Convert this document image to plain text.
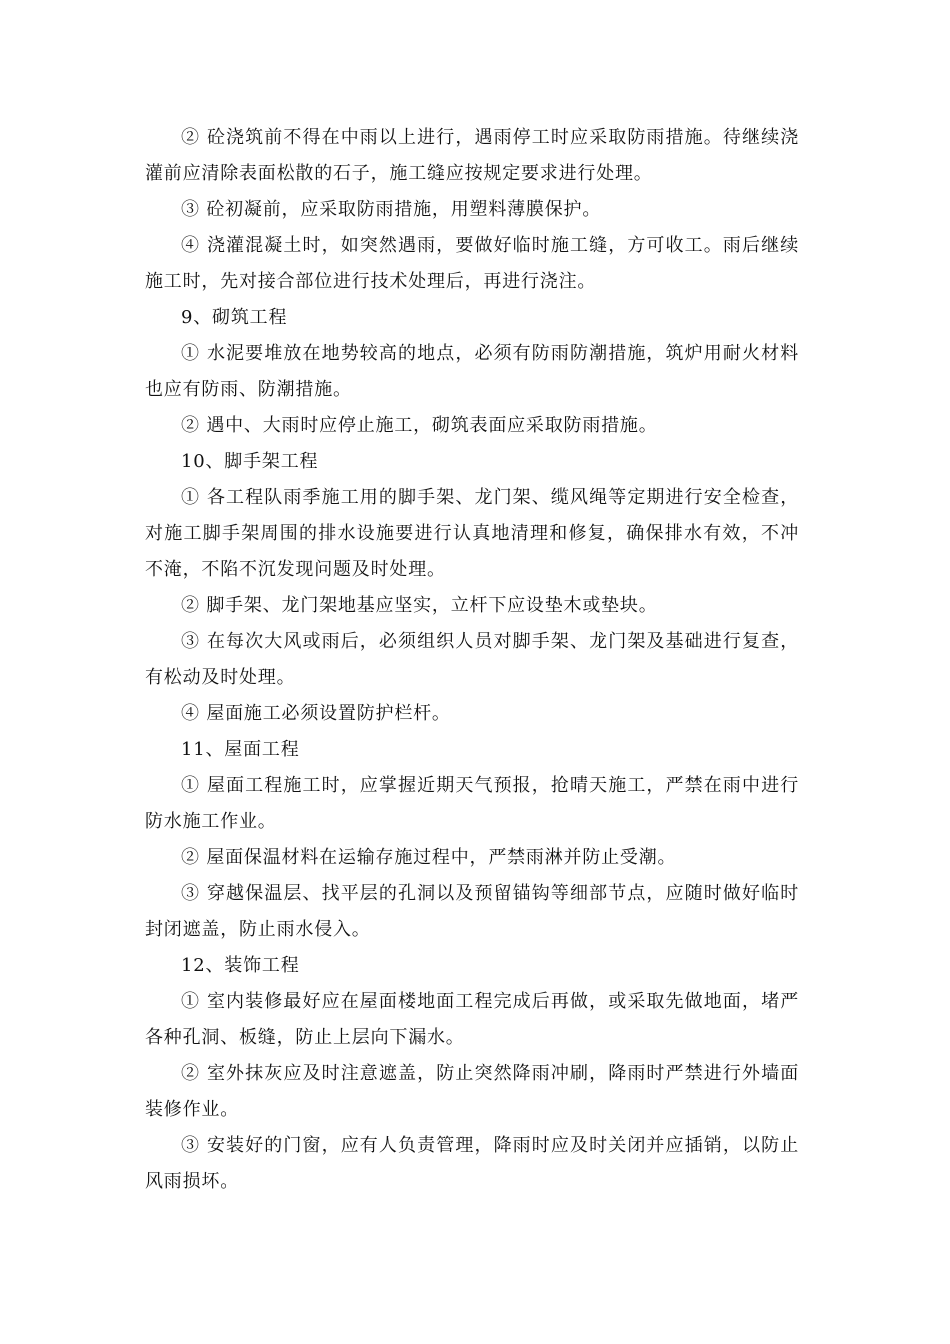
② 砼浇筑前不得在中雨以上进行，遇雨停工时应采取防雨措施。待继续浇灌前应清除表面松散的石子，施工缝应按规定要求进行处理。

③ 砼初凝前，应采取防雨措施，用塑料薄膜保护。

④ 浇灌混凝土时，如突然遇雨，要做好临时施工缝，方可收工。雨后继续施工时，先对接合部位进行技术处理后，再进行浇注。

9、砌筑工程

① 水泥要堆放在地势较高的地点，必须有防雨防潮措施，筑炉用耐火材料也应有防雨、防潮措施。

② 遇中、大雨时应停止施工，砌筑表面应采取防雨措施。

10、脚手架工程

① 各工程队雨季施工用的脚手架、龙门架、缆风绳等定期进行安全检查，对施工脚手架周围的排水设施要进行认真地清理和修复，确保排水有效，不冲不淹，不陷不沉发现问题及时处理。

② 脚手架、龙门架地基应坚实，立杆下应设垫木或垫块。

③ 在每次大风或雨后，必须组织人员对脚手架、龙门架及基础进行复查，有松动及时处理。

④ 屋面施工必须设置防护栏杆。

11、屋面工程

① 屋面工程施工时，应掌握近期天气预报，抢晴天施工，严禁在雨中进行防水施工作业。

② 屋面保温材料在运输存施过程中，严禁雨淋并防止受潮。

③ 穿越保温层、找平层的孔洞以及预留锚钩等细部节点，应随时做好临时封闭遮盖，防止雨水侵入。

12、装饰工程

① 室内装修最好应在屋面楼地面工程完成后再做，或采取先做地面，堵严各种孔洞、板缝，防止上层向下漏水。

② 室外抹灰应及时注意遮盖，防止突然降雨冲刷，降雨时严禁进行外墙面装修作业。

③ 安装好的门窗，应有人负责管理，降雨时应及时关闭并应插销，以防止风雨损坏。
